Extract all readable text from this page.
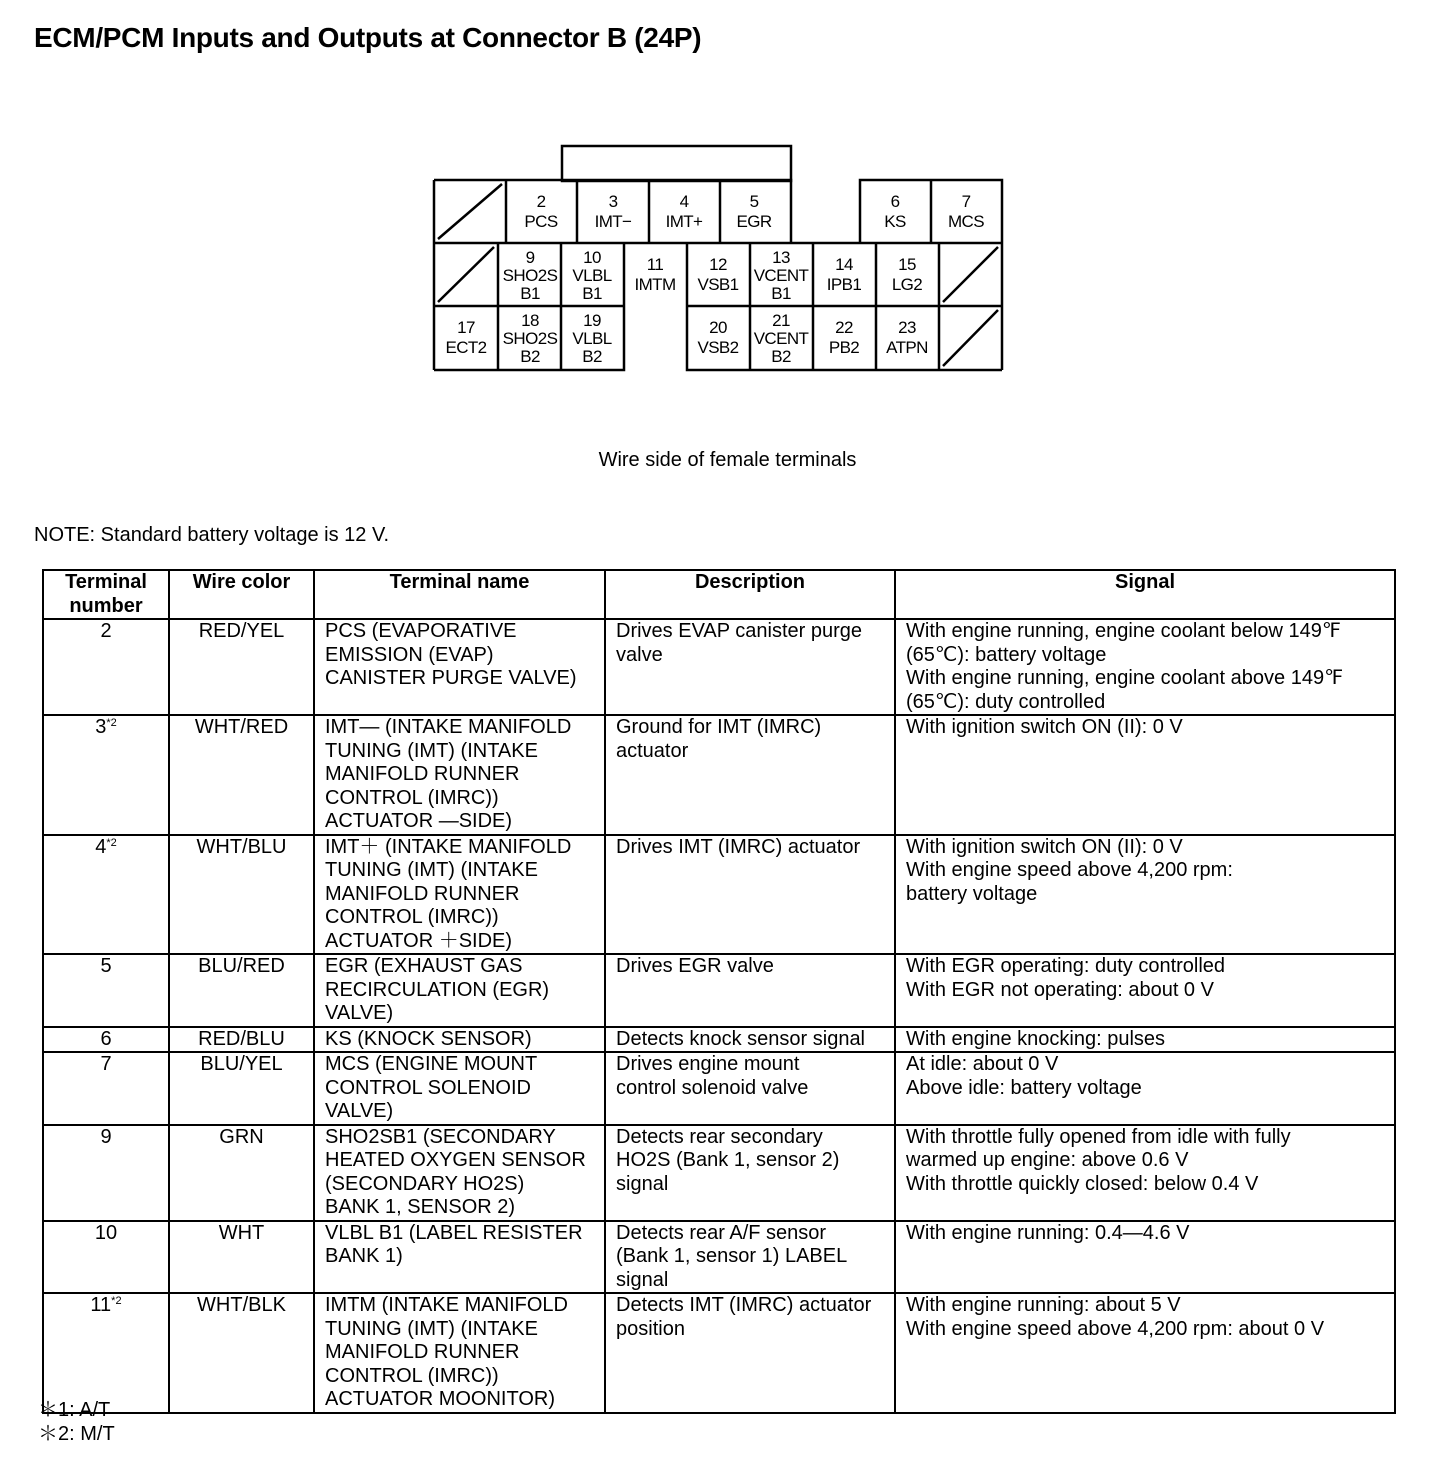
ECM/PCM Inputs and Outputs at Connector B (24P)
2
PCS
3
IMT−
4
IMT+
5
EGR
6
KS
7
MCS
9
SHO2S
B1
10
VLBL
B1
11
IMTM
12
VSB1
13
VCENT
B1
14
IPB1
15
LG2
17
ECT2
18
SHO2S
B2
19
VLBL
B2
20
VSB2
21
VCENT
B2
22
PB2
23
ATPN
Wire side of female terminals
NOTE: Standard battery voltage is 12 V.
Terminal
number	Wire color	Terminal name	Description	Signal
2	RED/YEL	PCS (EVAPORATIVE
EMISSION (EVAP)
CANISTER PURGE VALVE)	Drives EVAP canister purge
valve	With engine running, engine coolant below 149℉
(65℃): battery voltage
With engine running, engine coolant above 149℉
(65℃): duty controlled
3$^{*2}$	WHT/RED	IMT— (INTAKE MANIFOLD
TUNING (IMT) (INTAKE
MANIFOLD RUNNER
CONTROL (IMRC))
ACTUATOR —SIDE)	Ground for IMT (IMRC)
actuator	With ignition switch ON (II): 0 V
4$^{*2}$	WHT/BLU	IMT＋ (INTAKE MANIFOLD
TUNING (IMT) (INTAKE
MANIFOLD RUNNER
CONTROL (IMRC))
ACTUATOR ＋SIDE)	Drives IMT (IMRC) actuator	With ignition switch ON (II): 0 V
With engine speed above 4,200 rpm:
battery voltage
5	BLU/RED	EGR (EXHAUST GAS
RECIRCULATION (EGR)
VALVE)	Drives EGR valve	With EGR operating: duty controlled
With EGR not operating: about 0 V
6	RED/BLU	KS (KNOCK SENSOR)	Detects knock sensor signal	With engine knocking: pulses
7	BLU/YEL	MCS (ENGINE MOUNT
CONTROL SOLENOID
VALVE)	Drives engine mount
control solenoid valve	At idle: about 0 V
Above idle: battery voltage
9	GRN	SHO2SB1 (SECONDARY
HEATED OXYGEN SENSOR
(SECONDARY HO2S)
BANK 1, SENSOR 2)	Detects rear secondary
HO2S (Bank 1, sensor 2)
signal	With throttle fully opened from idle with fully
warmed up engine: above 0.6 V
With throttle quickly closed: below 0.4 V
10	WHT	VLBL B1 (LABEL RESISTER
BANK 1)	Detects rear A/F sensor
(Bank 1, sensor 1) LABEL
signal	With engine running: 0.4—4.6 V
11$^{*2}$	WHT/BLK	IMTM (INTAKE MANIFOLD
TUNING (IMT) (INTAKE
MANIFOLD RUNNER
CONTROL (IMRC))
ACTUATOR MOONITOR)	Detects IMT (IMRC) actuator
position	With engine running: about 5 V
With engine speed above 4,200 rpm: about 0 V
＊1: A/T
＊2: M/T
